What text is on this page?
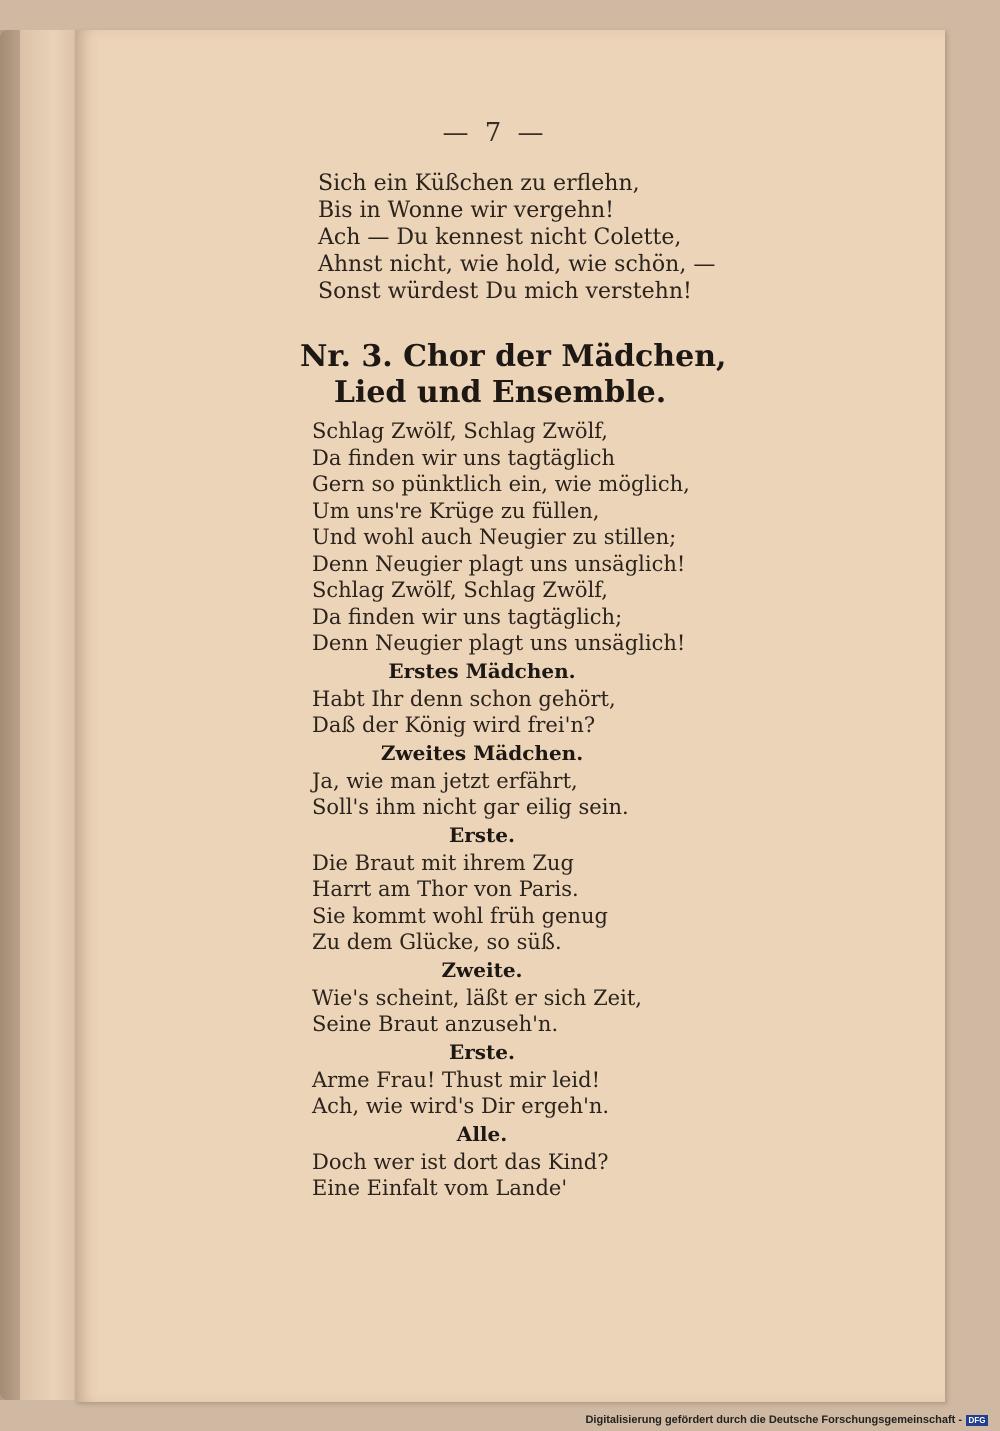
— 7 —
Sich ein Küßchen zu erflehn,
Bis in Wonne wir vergehn!
Ach — Du kennest nicht Colette,
Ahnst nicht, wie hold, wie schön, —
Sonst würdest Du mich verstehn!
Nr. 3. Chor der Mädchen,
Lied und Ensemble.
Schlag Zwölf, Schlag Zwölf,
Da finden wir uns tagtäglich
Gern so pünktlich ein, wie möglich,
Um uns're Krüge zu füllen,
Und wohl auch Neugier zu stillen;
Denn Neugier plagt uns unsäglich!
Schlag Zwölf, Schlag Zwölf,
Da finden wir uns tagtäglich;
Denn Neugier plagt uns unsäglich!
Erstes Mädchen.
Habt Ihr denn schon gehört,
Daß der König wird frei'n?
Zweites Mädchen.
Ja, wie man jetzt erfährt,
Soll's ihm nicht gar eilig sein.
Erste.
Die Braut mit ihrem Zug
Harrt am Thor von Paris.
Sie kommt wohl früh genug
Zu dem Glücke, so süß.
Zweite.
Wie's scheint, läßt er sich Zeit,
Seine Braut anzuseh'n.
Erste.
Arme Frau! Thust mir leid!
Ach, wie wird's Dir ergeh'n.
Alle.
Doch wer ist dort das Kind?
Eine Einfalt vom Lande'
Digitalisierung gefördert durch die Deutsche Forschungsgemeinschaft - DFG
